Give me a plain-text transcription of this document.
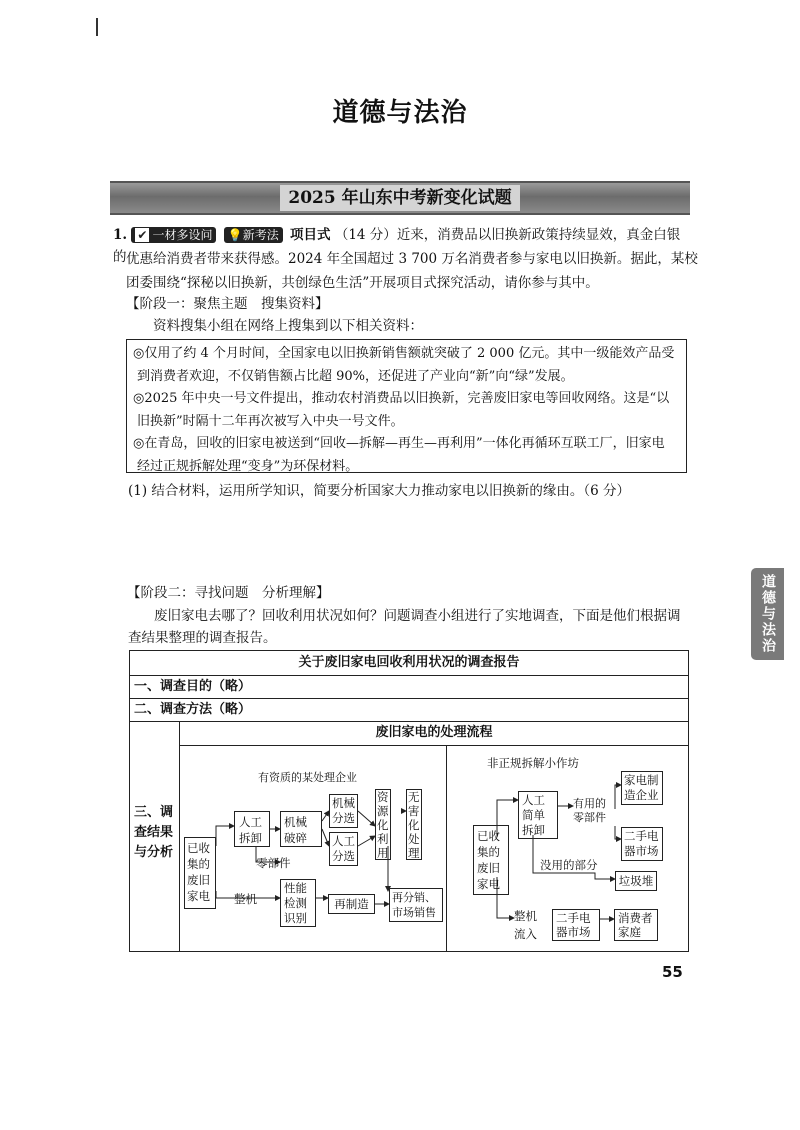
道德与法治
2025 年山东中考新变化试题
1. ✔ 一材多设问 💡新考法 项目式 （14 分）近来，消费品以旧换新政策持续显效，真金白银的 优惠给消费者带来获得感。2024 年全国超过 3 700 万名消费者参与家电以旧换新。据此，某校
团委围绕“探秘以旧换新，共创绿色生活”开展项目式探究活动，请你参与其中。
【阶段一：聚焦主题　搜集资料】
资料搜集小组在网络上搜集到以下相关资料：
◎仅用了约 4 个月时间，全国家电以旧换新销售额就突破了 2 000 亿元。其中一级能效产品受
到消费者欢迎，不仅销售额占比超 90%，还促进了产业向“新”向“绿”发展。
◎2025 年中央一号文件提出，推动农村消费品以旧换新，完善废旧家电等回收网络。这是“以
旧换新”时隔十二年再次被写入中央一号文件。
◎在青岛，回收的旧家电被送到“回收—拆解—再生—再利用”一体化再循环互联工厂，旧家电
经过正规拆解处理“变身”为环保材料。
(1) 结合材料，运用所学知识，简要分析国家大力推动家电以旧换新的缘由。（6 分）
【阶段二：寻找问题　分析理解】
废旧家电去哪了？回收利用状况如何？问题调查小组进行了实地调查，下面是他们根据调
查结果整理的调查报告。	道德与法治
关于废旧家电回收利用状况的调查报告
一、调查目的（略）
二、调查方法（略）
三、调查结果与分析
废旧家电的处理流程
有资质的某处理企业
非正规拆解小作坊
已收集的废旧家电
人工拆卸
机械破碎
机械分选
人工分选
资源化利用
无害化处理
零部件
整机
性能检测识别
再制造	再分销、市场销售
已收集的废旧家电
人工简单拆卸
有用的零部件
家电制造企业
二手电器市场
没用的部分
垃圾堆
整机流入
二手电器市场
消费者家庭
55
